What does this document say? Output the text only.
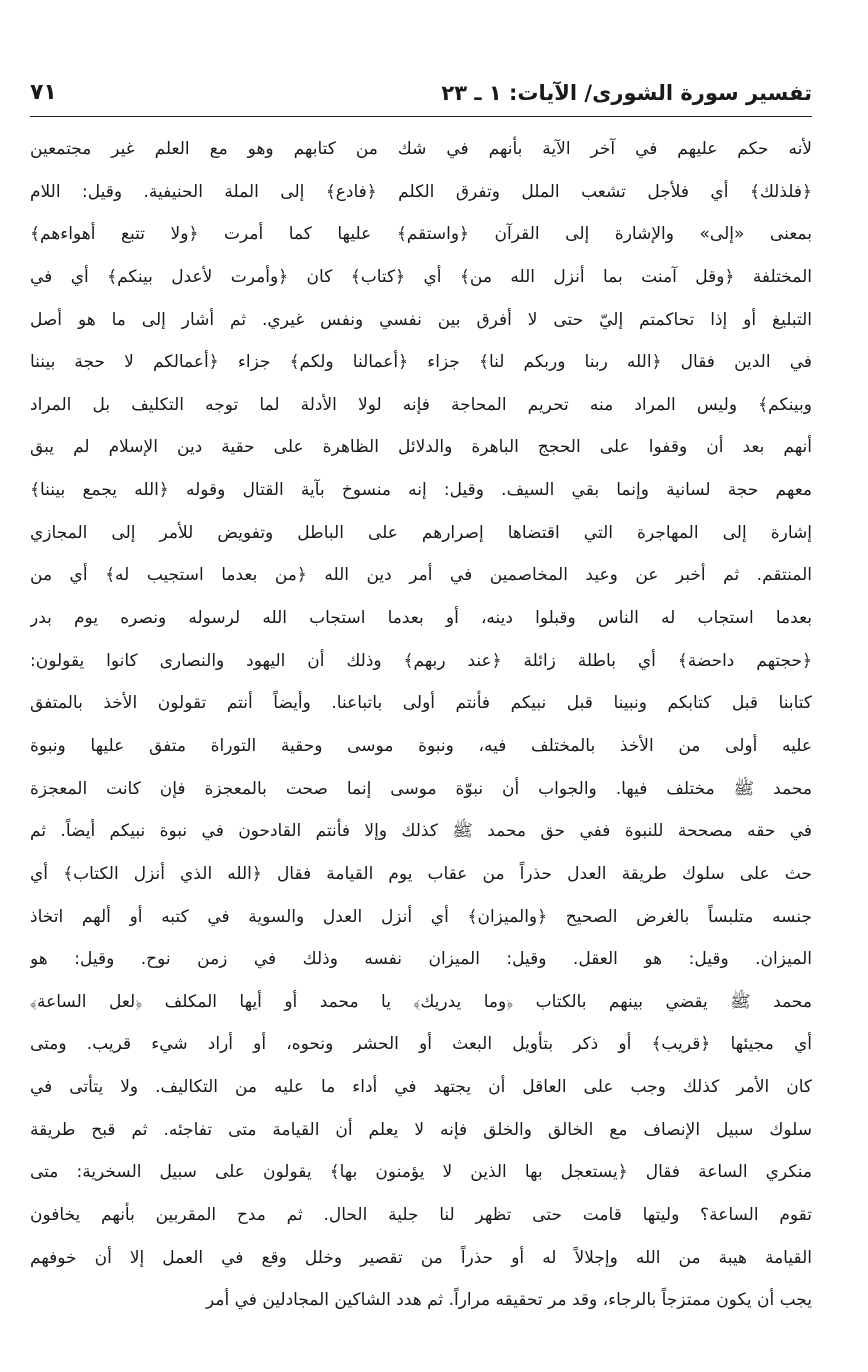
تفسير سورة الشورى/ الآيات: ١ ـ ٢٣
٧١
لأنه حكم عليهم في آخر الآية بأنهم في شك من كتابهم وهو مع العلم غير مجتمعين
﴿فلذلك﴾ أي فلأجل تشعب الملل وتفرق الكلم ﴿فادع﴾ إلى الملة الحنيفية. وقيل: اللام
بمعنى «إلى» والإشارة إلى القرآن ﴿واستقم﴾ عليها كما أمرت ﴿ولا تتبع أهواءهم﴾
المختلفة ﴿وقل آمنت بما أنزل الله من﴾ أي ﴿كتاب﴾ كان ﴿وأمرت لأعدل بينكم﴾ أي في
التبليغ أو إذا تحاكمتم إليّ حتى لا أفرق بين نفسي ونفس غيري. ثم أشار إلى ما هو أصل
في الدين فقال ﴿الله ربنا وربكم لنا﴾ جزاء ﴿أعمالنا ولكم﴾ جزاء ﴿أعمالكم لا حجة بيننا
وبينكم﴾ وليس المراد منه تحريم المحاجة فإنه لولا الأدلة لما توجه التكليف بل المراد
أنهم بعد أن وقفوا على الحجج الباهرة والدلائل الظاهرة على حقية دين الإسلام لم يبق
معهم حجة لسانية وإنما بقي السيف. وقيل: إنه منسوخ بآية القتال وقوله ﴿الله يجمع بيننا﴾
إشارة إلى المهاجرة التي اقتضاها إصرارهم على الباطل وتفويض للأمر إلى المجازي
المنتقم. ثم أخبر عن وعيد المخاصمين في أمر دين الله ﴿من بعدما استجيب له﴾ أي من
بعدما استجاب له الناس وقبلوا دينه، أو بعدما استجاب الله لرسوله ونصره يوم بدر
﴿حجتهم داحضة﴾ أي باطلة زائلة ﴿عند ربهم﴾ وذلك أن اليهود والنصارى كانوا يقولون:
كتابنا قبل كتابكم ونبينا قبل نبيكم فأنتم أولى باتباعنا. وأيضاً أنتم تقولون الأخذ بالمتفق
عليه أولى من الأخذ بالمختلف فيه، ونبوة موسى وحقية التوراة متفق عليها ونبوة
محمد ﷺ مختلف فيها. والجواب أن نبوّة موسى إنما صحت بالمعجزة فإن كانت المعجزة
في حقه مصححة للنبوة ففي حق محمد ﷺ كذلك وإلا فأنتم القادحون في نبوة نبيكم أيضاً. ثم
حث على سلوك طريقة العدل حذراً من عقاب يوم القيامة فقال ﴿الله الذي أنزل الكتاب﴾ أي
جنسه متلبساً بالغرض الصحيح ﴿والميزان﴾ أي أنزل العدل والسوية في كتبه أو ألهم اتخاذ
الميزان. وقيل: هو العقل. وقيل: الميزان نفسه وذلك في زمن نوح. وقيل: هو
محمد ﷺ يقضي بينهم بالكتاب ﴿وما يدريك﴾ يا محمد أو أيها المكلف ﴿لعل الساعة﴾
أي مجيئها ﴿قريب﴾ أو ذكر بتأويل البعث أو الحشر ونحوه، أو أراد شيء قريب. ومتى
كان الأمر كذلك وجب على العاقل أن يجتهد في أداء ما عليه من التكاليف. ولا يتأتى في
سلوك سبيل الإنصاف مع الخالق والخلق فإنه لا يعلم أن القيامة متى تفاجئه. ثم قبح طريقة
منكري الساعة فقال ﴿يستعجل بها الذين لا يؤمنون بها﴾ يقولون على سبيل السخرية: متى
تقوم الساعة؟ وليتها قامت حتى تظهر لنا جلية الحال. ثم مدح المقربين بأنهم يخافون
القيامة هيبة من الله وإجلالاً له أو حذراً من تقصير وخلل وقع في العمل إلا أن خوفهم
يجب أن يكون ممتزجاً بالرجاء، وقد مر تحقيقه مراراً. ثم هدد الشاكين المجادلين في أمر
